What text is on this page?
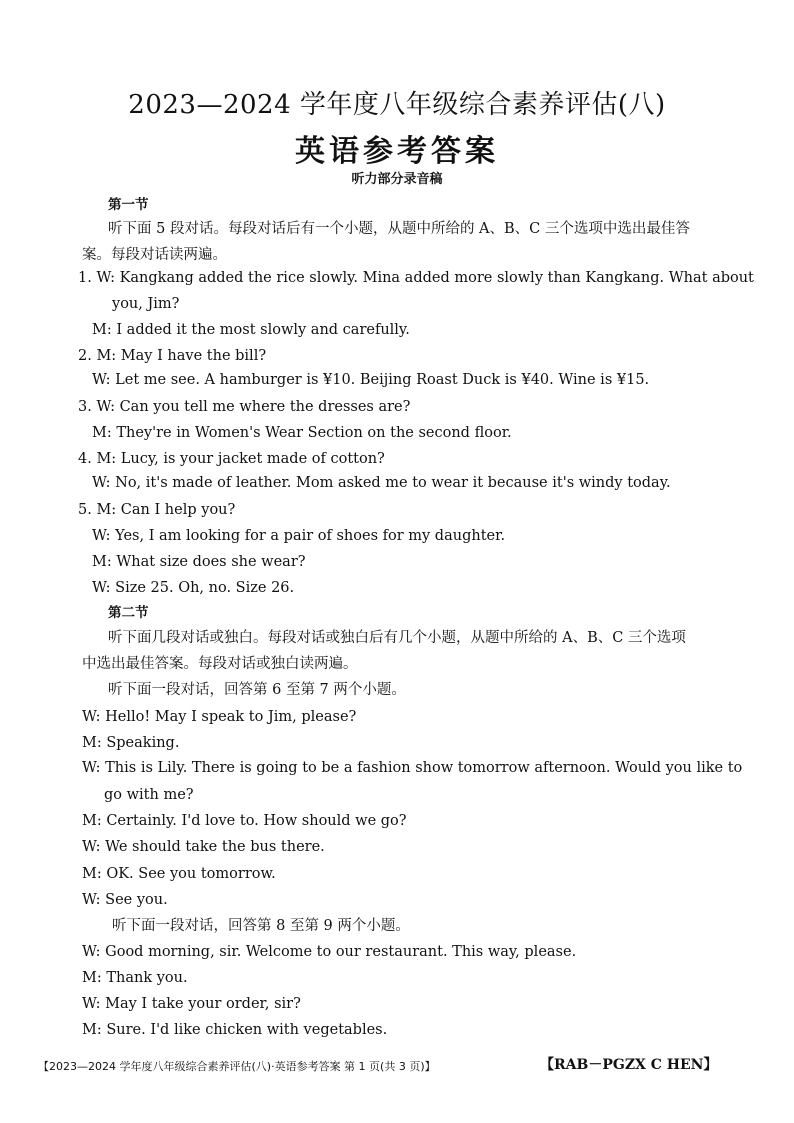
2023—2024 学年度八年级综合素养评估(八)
英语参考答案
听力部分录音稿
第一节
听下面 5 段对话。每段对话后有一个小题，从题中所给的 A、B、C 三个选项中选出最佳答
案。每段对话读两遍。
1. W: Kangkang added the rice slowly. Mina added more slowly than Kangkang. What about
you, Jim?
M: I added it the most slowly and carefully.
2. M: May I have the bill?
W: Let me see. A hamburger is ¥10. Beijing Roast Duck is ¥40. Wine is ¥15.
3. W: Can you tell me where the dresses are?
M: They're in Women's Wear Section on the second floor.
4. M: Lucy, is your jacket made of cotton?
W: No, it's made of leather. Mom asked me to wear it because it's windy today.
5. M: Can I help you?
W: Yes, I am looking for a pair of shoes for my daughter.
M: What size does she wear?
W: Size 25. Oh, no. Size 26.
第二节
听下面几段对话或独白。每段对话或独白后有几个小题，从题中所给的 A、B、C 三个选项
中选出最佳答案。每段对话或独白读两遍。
听下面一段对话，回答第 6 至第 7 两个小题。
W: Hello! May I speak to Jim, please?
M: Speaking.
W: This is Lily. There is going to be a fashion show tomorrow afternoon. Would you like to
go with me?
M: Certainly. I'd love to. How should we go?
W: We should take the bus there.
M: OK. See you tomorrow.
W: See you.
听下面一段对话，回答第 8 至第 9 两个小题。
W: Good morning, sir. Welcome to our restaurant. This way, please.
M: Thank you.
W: May I take your order, sir?
M: Sure. I'd like chicken with vegetables.
【2023—2024 学年度八年级综合素养评估(八)·英语参考答案 第 1 页(共 3 页)】	【RAB－PGZX C HEN】
